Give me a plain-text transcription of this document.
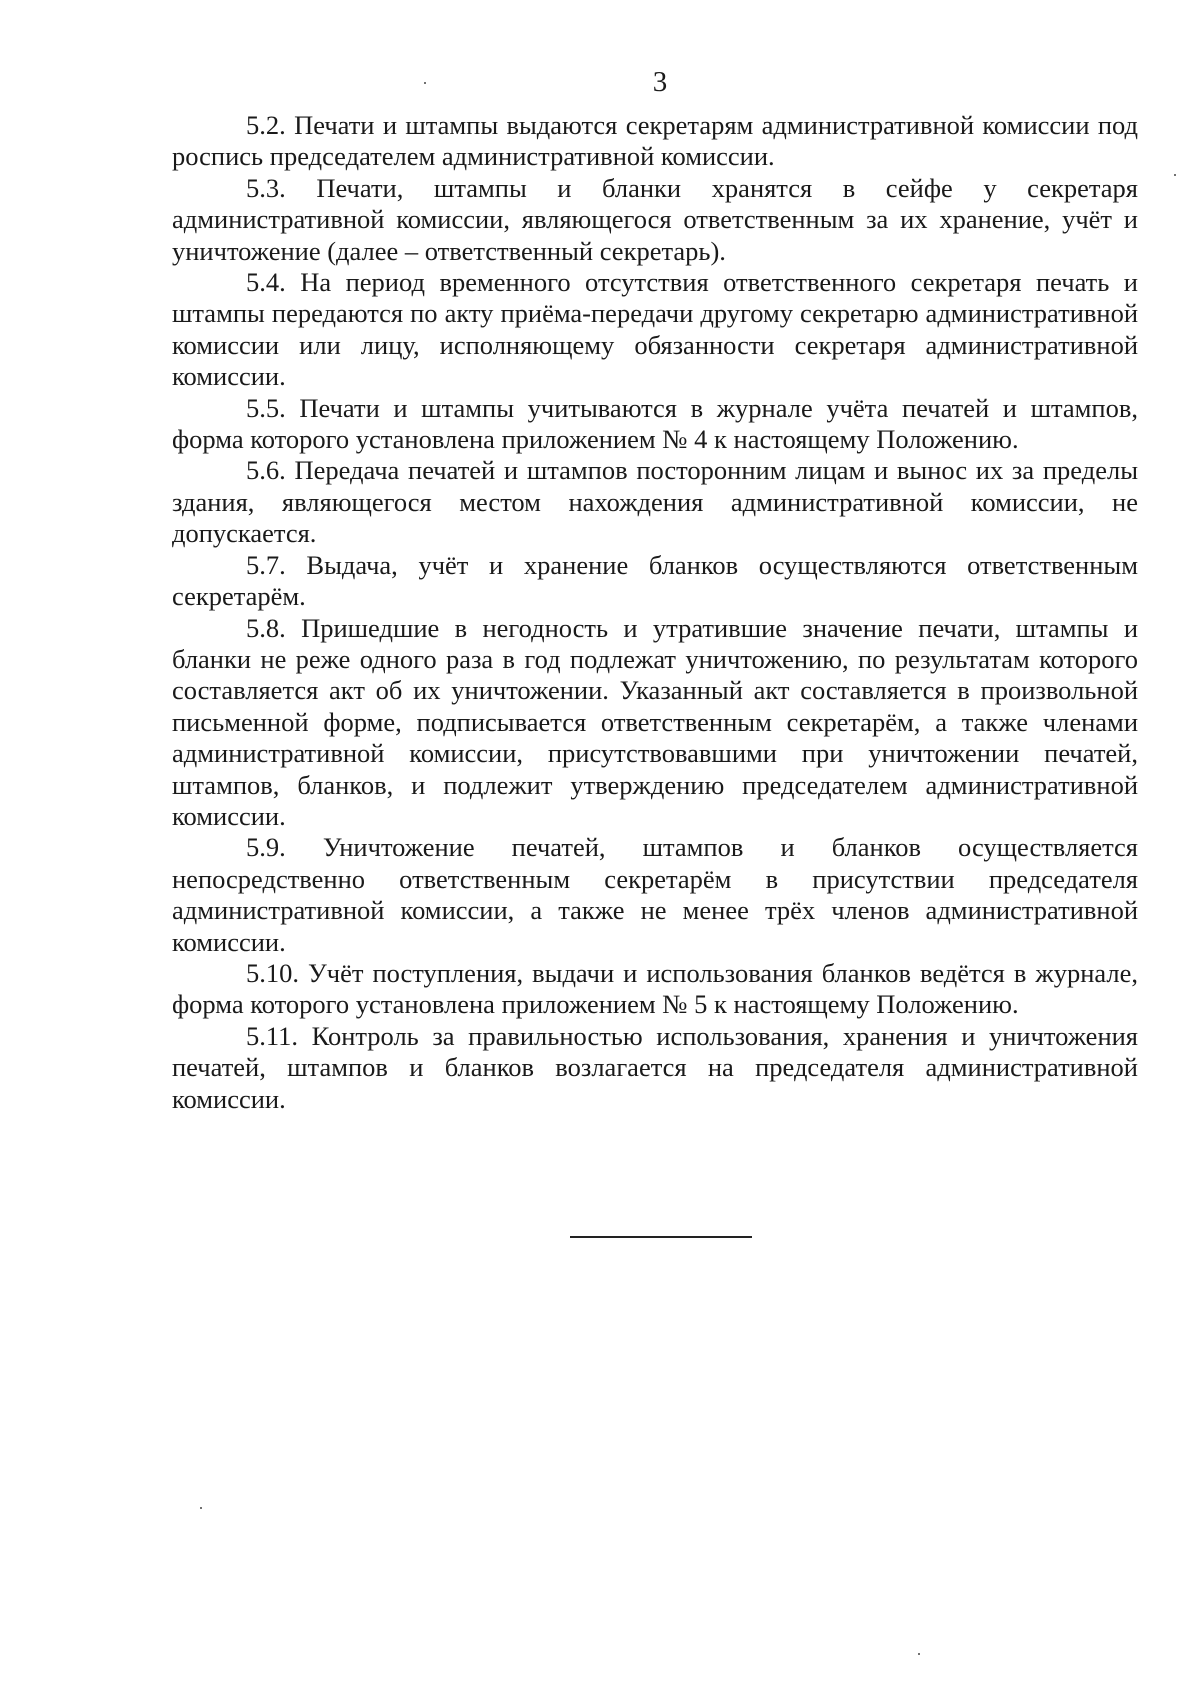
3

5.2. Печати и штампы выдаются секретарям административной комиссии под роспись председателем административной комиссии.

5.3. Печати, штампы и бланки хранятся в сейфе у секретаря административной комиссии, являющегося ответственным за их хранение, учёт и уничтожение (далее – ответственный секретарь).

5.4. На период временного отсутствия ответственного секретаря печать и штампы передаются по акту приёма-передачи другому секретарю административной комиссии или лицу, исполняющему обязанности секретаря административной комиссии.

5.5. Печати и штампы учитываются в журнале учёта печатей и штампов, форма которого установлена приложением № 4 к настоящему Положению.

5.6. Передача печатей и штампов посторонним лицам и вынос их за пределы здания, являющегося местом нахождения административной комиссии, не допускается.

5.7. Выдача, учёт и хранение бланков осуществляются ответственным секретарём.

5.8. Пришедшие в негодность и утратившие значение печати, штампы и бланки не реже одного раза в год подлежат уничтожению, по результатам которого составляется акт об их уничтожении. Указанный акт составляется в произвольной письменной форме, подписывается ответственным секретарём, а также членами административной комиссии, присутствовавшими при уничтожении печатей, штампов, бланков, и подлежит утверждению председателем административной комиссии.

5.9. Уничтожение печатей, штампов и бланков осуществляется непосредственно ответственным секретарём в присутствии председателя административной комиссии, а также не менее трёх членов административной комиссии.

5.10. Учёт поступления, выдачи и использования бланков ведётся в журнале, форма которого установлена приложением № 5 к настоящему Положению.

5.11. Контроль за правильностью использования, хранения и уничтожения печатей, штампов и бланков возлагается на председателя административной комиссии.
